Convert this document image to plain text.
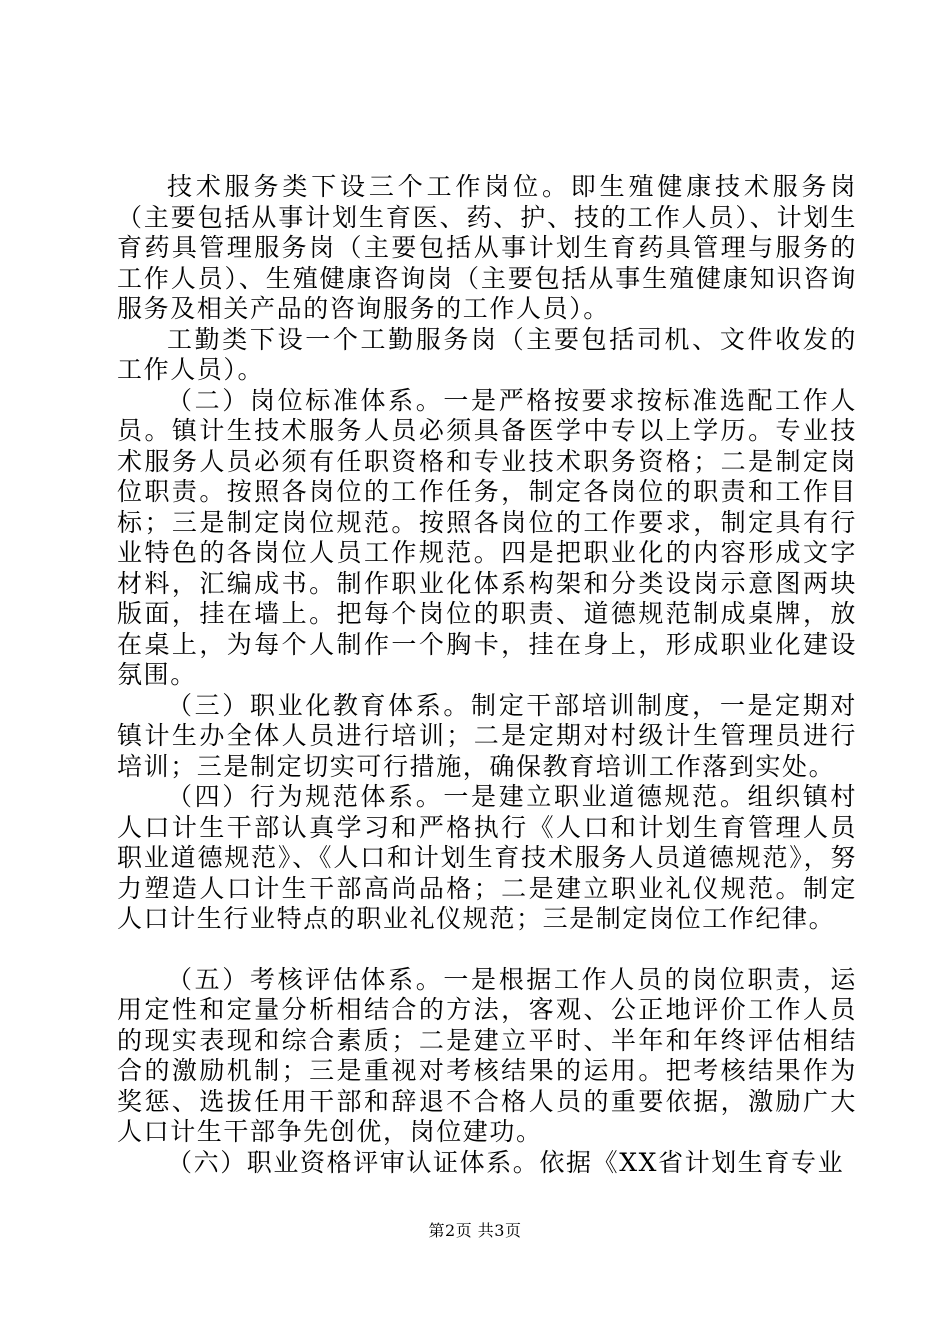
技术服务类下设三个工作岗位。即生殖健康技术服务岗（主要包括从事计划生育医、药、护、技的工作人员）、计划生育药具管理服务岗（主要包括从事计划生育药具管理与服务的工作人员）、生殖健康咨询岗（主要包括从事生殖健康知识咨询服务及相关产品的咨询服务的工作人员）。

工勤类下设一个工勤服务岗（主要包括司机、文件收发的工作人员）。

（二）岗位标准体系。一是严格按要求按标准选配工作人员。镇计生技术服务人员必须具备医学中专以上学历。专业技术服务人员必须有任职资格和专业技术职务资格；二是制定岗位职责。按照各岗位的工作任务，制定各岗位的职责和工作目标；三是制定岗位规范。按照各岗位的工作要求，制定具有行业特色的各岗位人员工作规范。四是把职业化的内容形成文字材料，汇编成书。制作职业化体系构架和分类设岗示意图两块版面，挂在墙上。把每个岗位的职责、道德规范制成桌牌，放在桌上，为每个人制作一个胸卡，挂在身上，形成职业化建设氛围。

（三）职业化教育体系。制定干部培训制度，一是定期对镇计生办全体人员进行培训；二是定期对村级计生管理员进行培训；三是制定切实可行措施，确保教育培训工作落到实处。

（四）行为规范体系。一是建立职业道德规范。组织镇村人口计生干部认真学习和严格执行《人口和计划生育管理人员职业道德规范》、《人口和计划生育技术服务人员道德规范》，努力塑造人口计生干部高尚品格；二是建立职业礼仪规范。制定人口计生行业特点的职业礼仪规范；三是制定岗位工作纪律。

（五）考核评估体系。一是根据工作人员的岗位职责，运用定性和定量分析相结合的方法，客观、公正地评价工作人员的现实表现和综合素质；二是建立平时、半年和年终评估相结合的激励机制；三是重视对考核结果的运用。把考核结果作为奖惩、选拔任用干部和辞退不合格人员的重要依据，激励广大人口计生干部争先创优，岗位建功。

（六）职业资格评审认证体系。依据《XX省计划生育专业

第2页 共3页
